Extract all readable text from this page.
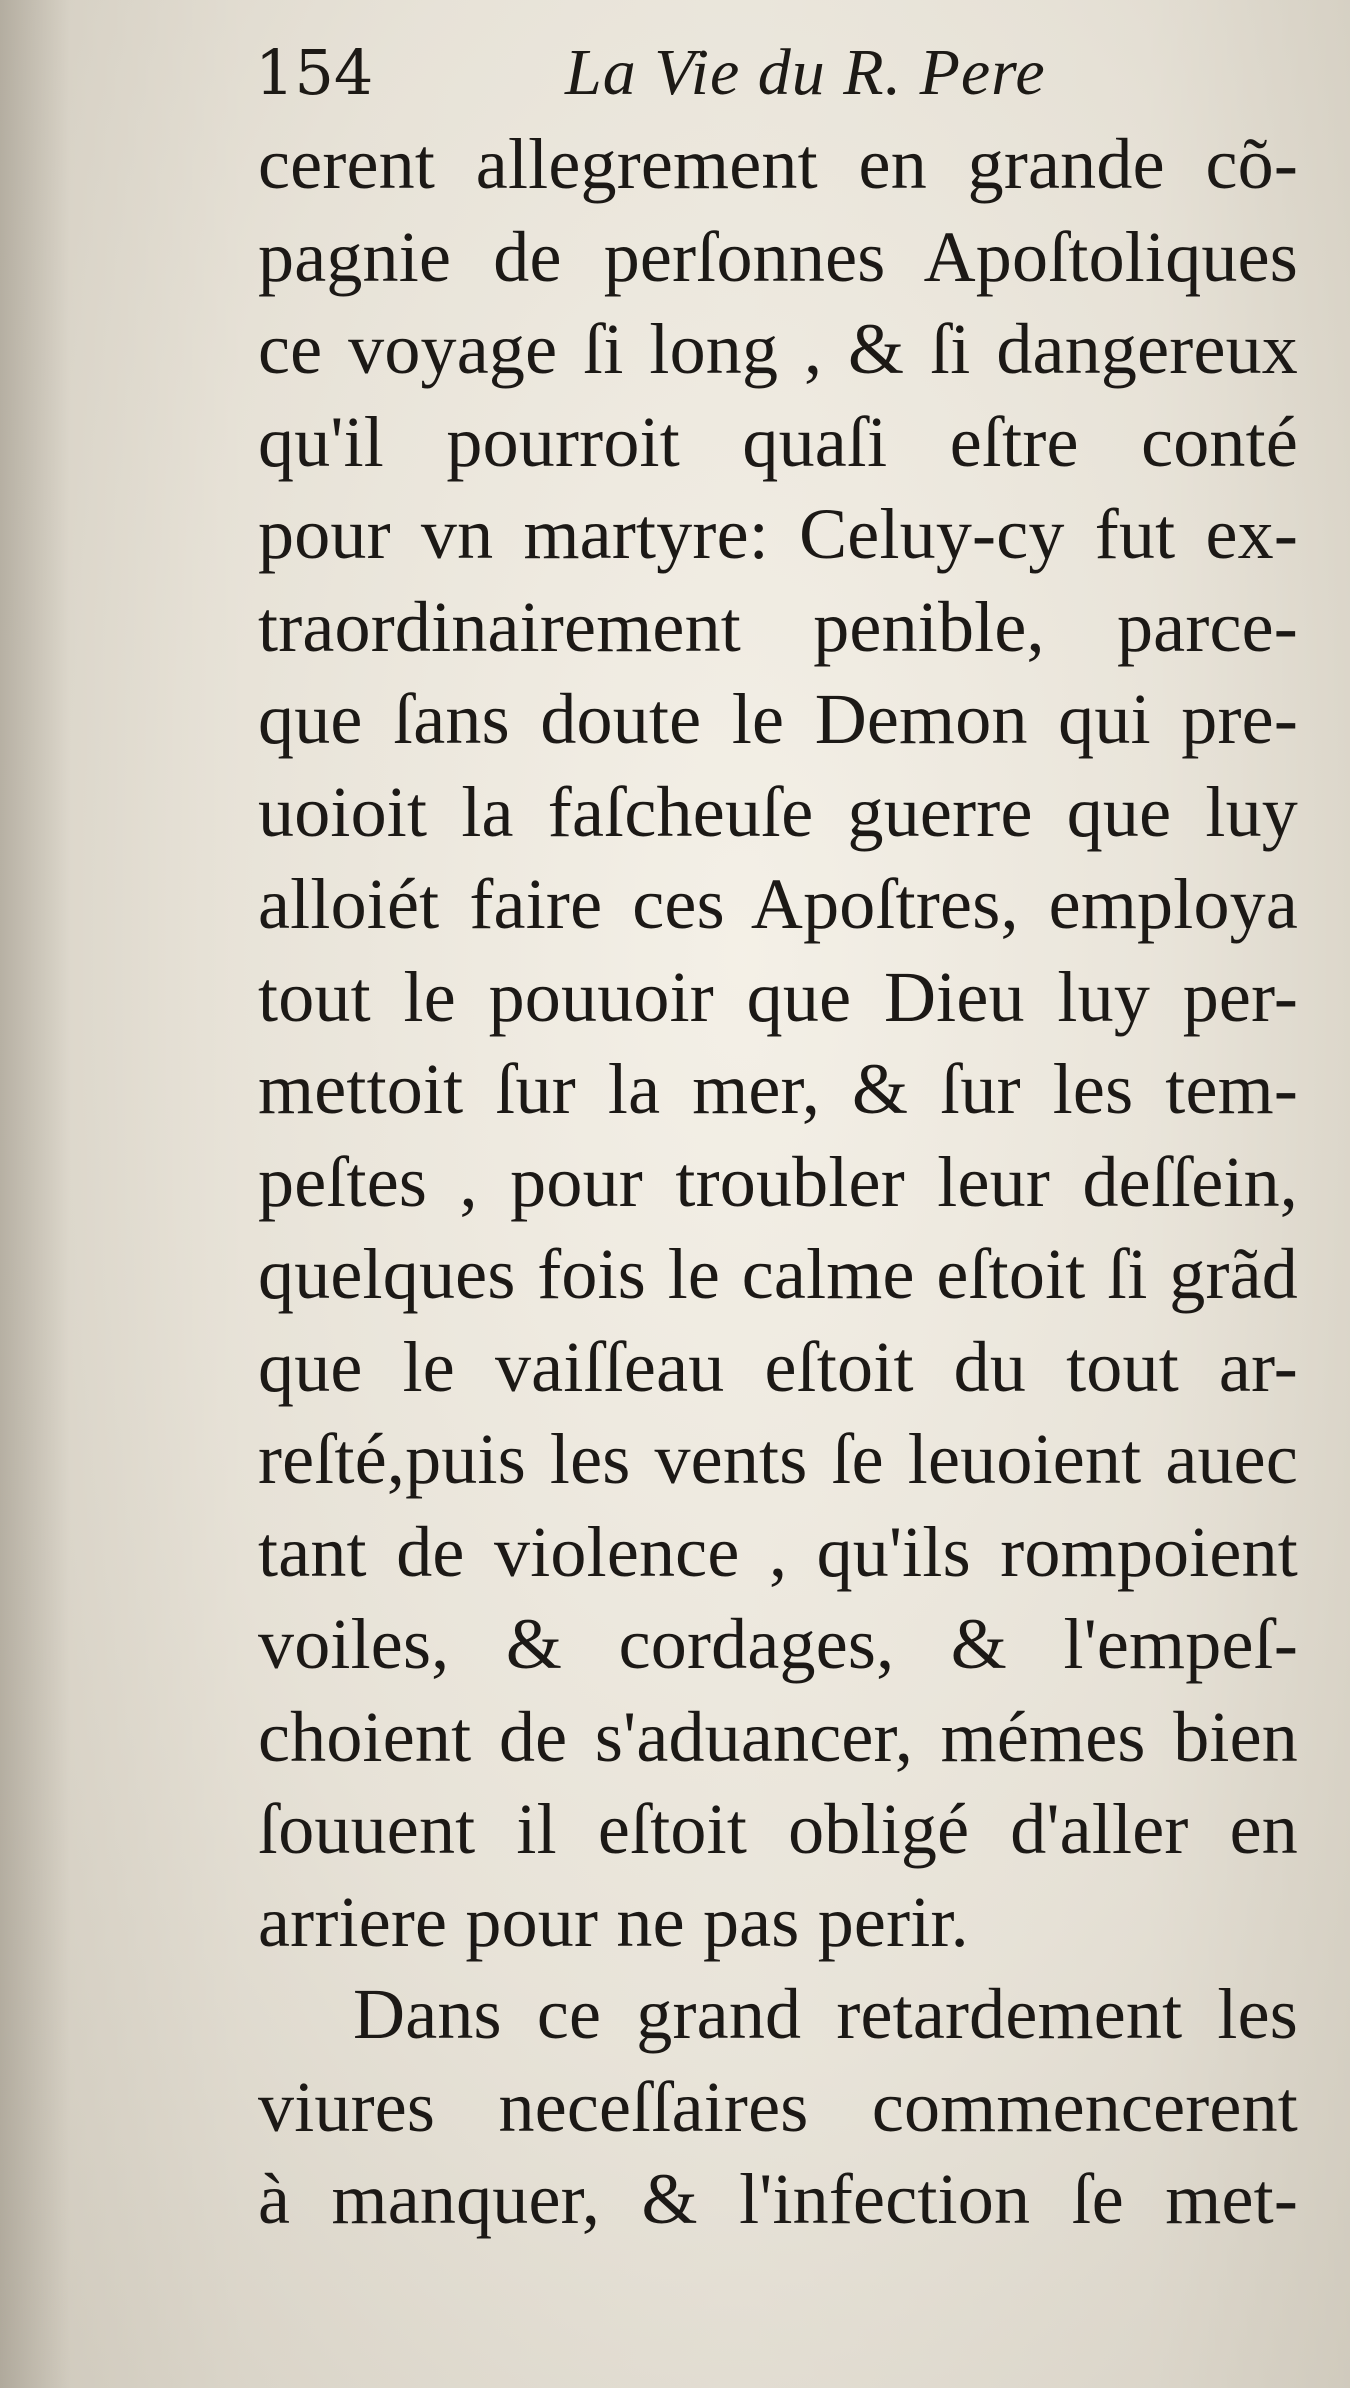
154	La Vie du R. Pere
cerent allegrement en grande cõ-
pagnie de perſonnes Apoſtoliques
ce voyage ſi long , & ſi dangereux
qu'il pourroit quaſi eſtre conté
pour vn martyre: Celuy-cy fut ex-
traordinairement penible, parce-
que ſans doute le Demon qui pre-
uoioit la faſcheuſe guerre que luy
alloiét faire ces Apoſtres, employa
tout le pouuoir que Dieu luy per-
mettoit ſur la mer, & ſur les tem-
peſtes , pour troubler leur deſſein,
quelques fois le calme eſtoit ſi grãd
que le vaiſſeau eſtoit du tout ar-
reſté,puis les vents ſe leuoient auec
tant de violence , qu'ils rompoient
voiles, & cordages, & l'empeſ-
choient de s'aduancer, mémes bien
ſouuent il eſtoit obligé d'aller en
arriere pour ne pas perir.
Dans ce grand retardement les
viures neceſſaires commencerent
à manquer, & l'infection ſe met-
